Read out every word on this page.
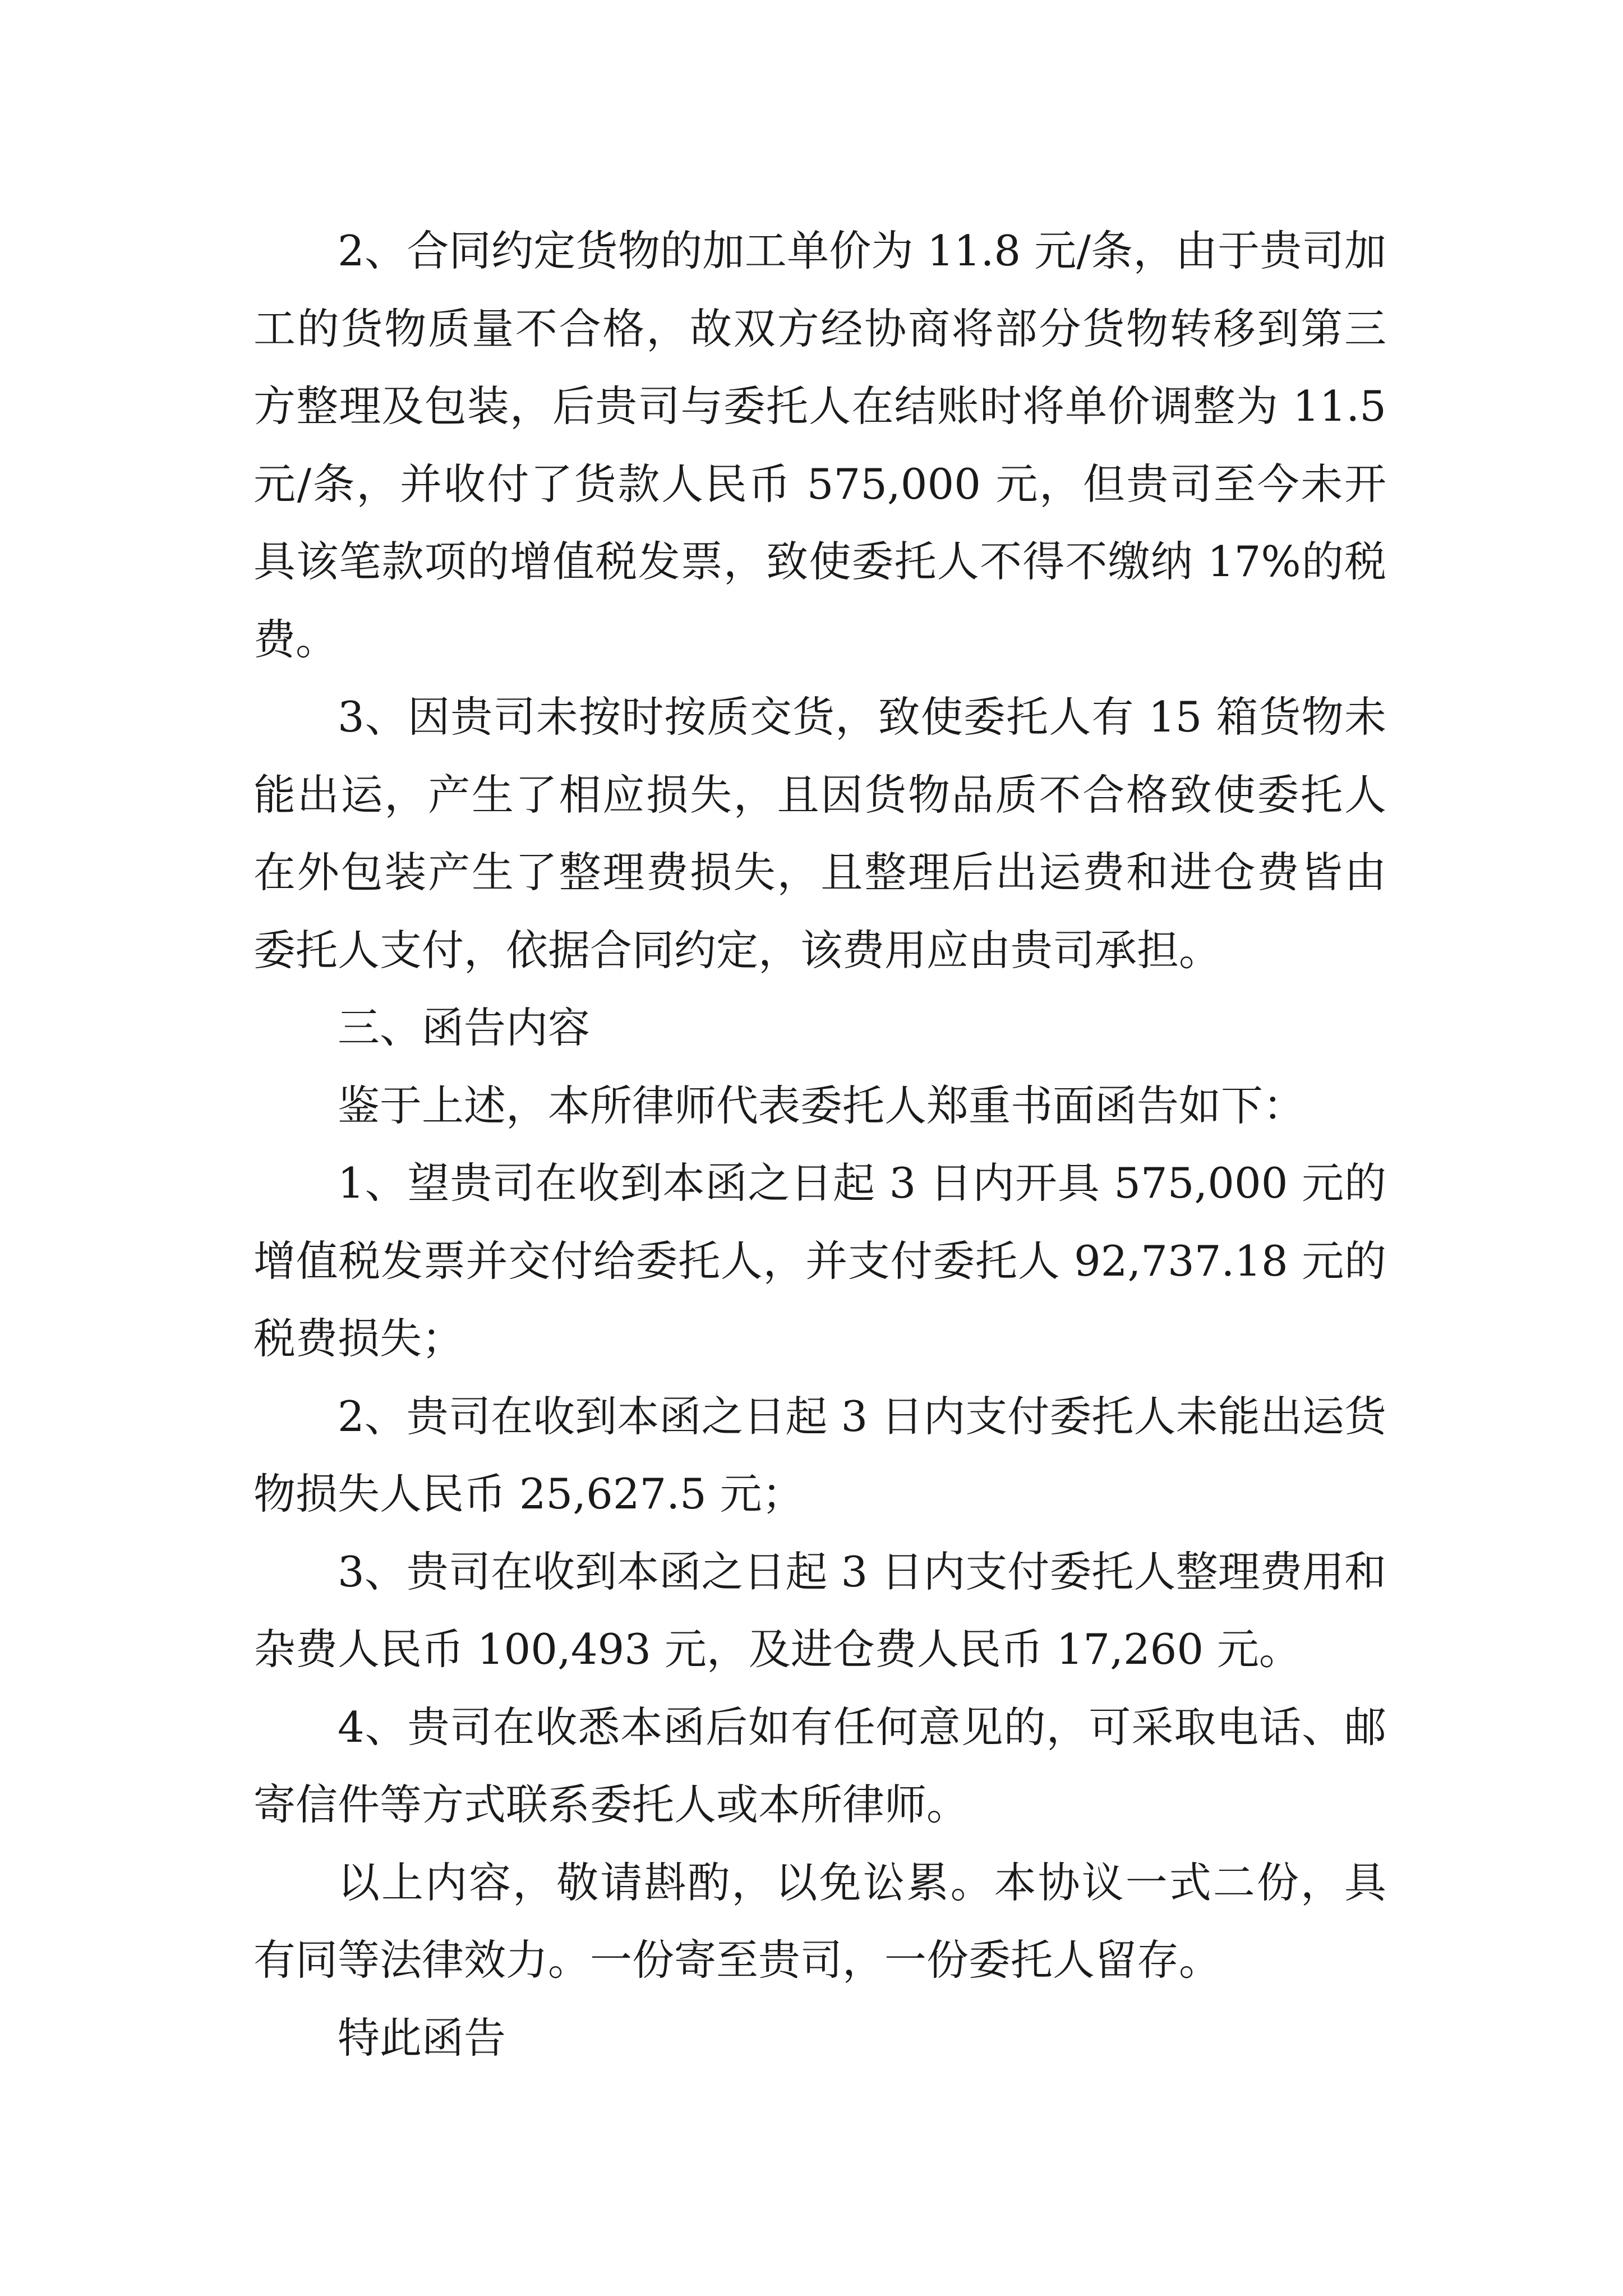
2、合同约定货物的加工单价为 11.8 元/条，由于贵司加工的货物质量不合格，故双方经协商将部分货物转移到第三方整理及包装，后贵司与委托人在结账时将单价调整为 11.5 元/条，并收付了货款人民币 575,000 元，但贵司至今未开具该笔款项的增值税发票，致使委托人不得不缴纳 17%的税费。

3、因贵司未按时按质交货，致使委托人有 15 箱货物未能出运，产生了相应损失，且因货物品质不合格致使委托人在外包装产生了整理费损失，且整理后出运费和进仓费皆由委托人支付，依据合同约定，该费用应由贵司承担。

三、函告内容

鉴于上述，本所律师代表委托人郑重书面函告如下：

1、望贵司在收到本函之日起 3 日内开具 575,000 元的增值税发票并交付给委托人，并支付委托人 92,737.18 元的税费损失；

2、贵司在收到本函之日起 3 日内支付委托人未能出运货物损失人民币 25,627.5 元；

3、贵司在收到本函之日起 3 日内支付委托人整理费用和杂费人民币 100,493 元，及进仓费人民币 17,260 元。

4、贵司在收悉本函后如有任何意见的，可采取电话、邮寄信件等方式联系委托人或本所律师。

以上内容，敬请斟酌，以免讼累。本协议一式二份，具有同等法律效力。一份寄至贵司，一份委托人留存。

特此函告
